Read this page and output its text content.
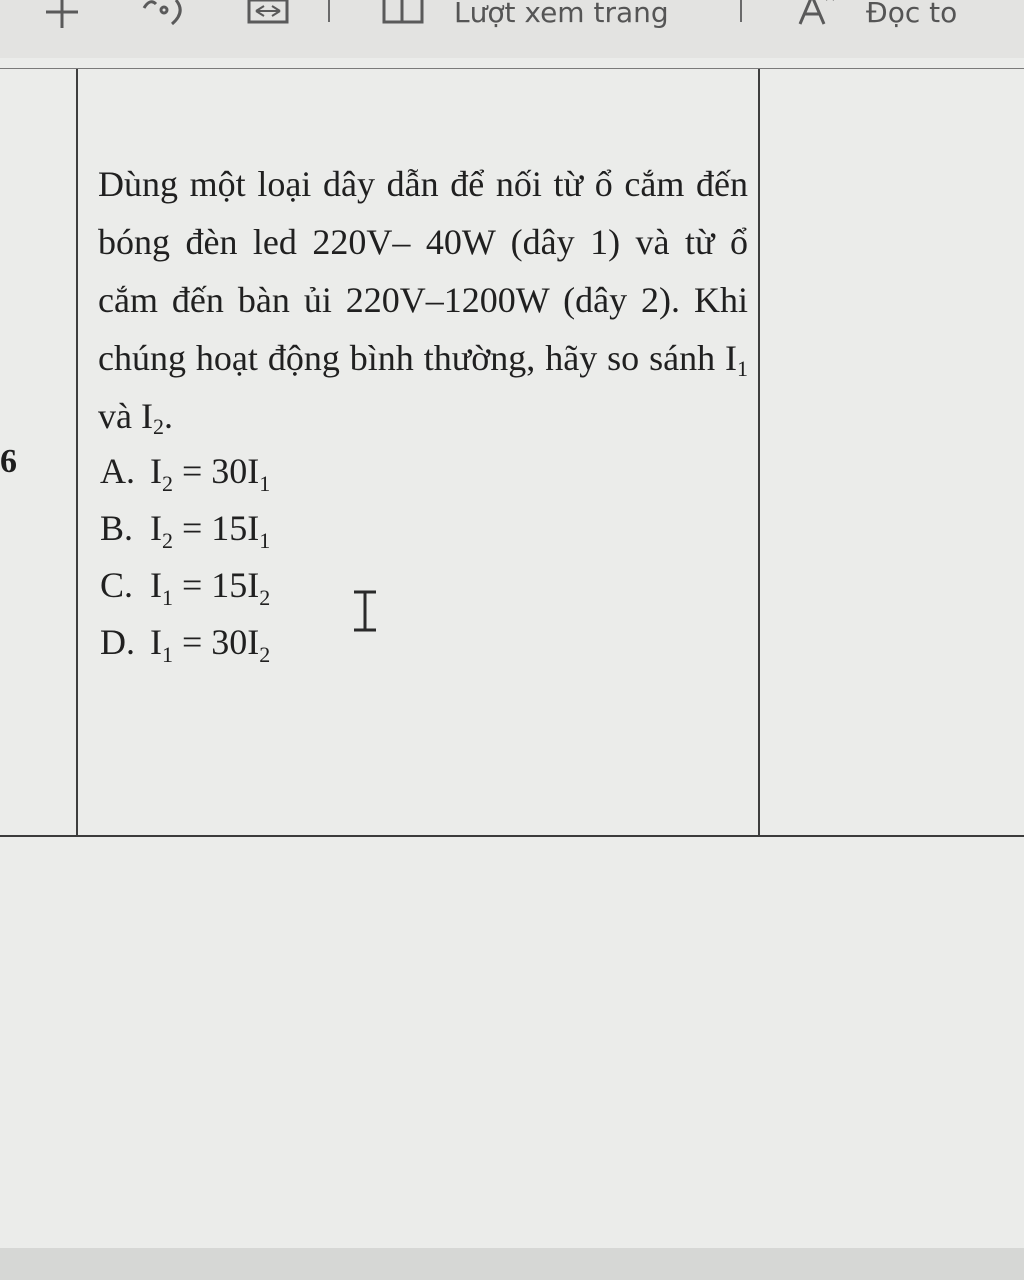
Lượt xem trang	Đọc to
6
Dùng một loại dây dẫn để nối từ ổ cắm đến bóng đèn led 220V– 40W (dây 1) và từ ổ cắm đến bàn ủi 220V–1200W (dây 2). Khi chúng hoạt động bình thường, hãy so sánh $I_1$ và $I_2$.
A. $I_2 = 30I_1$
B. $I_2 = 15I_1$
C. $I_1 = 15I_2$
D. $I_1 = 30I_2$
